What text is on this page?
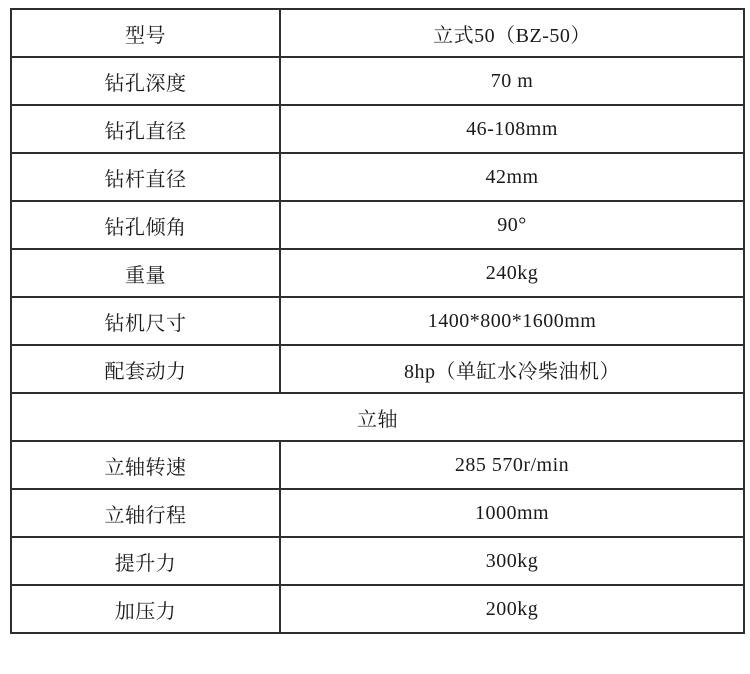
型号	立式50（BZ-50）
钻孔深度	70 m
钻孔直径	46-108mm
钻杆直径	42mm
钻孔倾角	90°
重量	240kg
钻机尺寸	1400*800*1600mm
配套动力	8hp（单缸水冷柴油机）
立轴	
立轴转速	285 570r/min
立轴行程	1000mm
提升力	300kg
加压力	200kg
